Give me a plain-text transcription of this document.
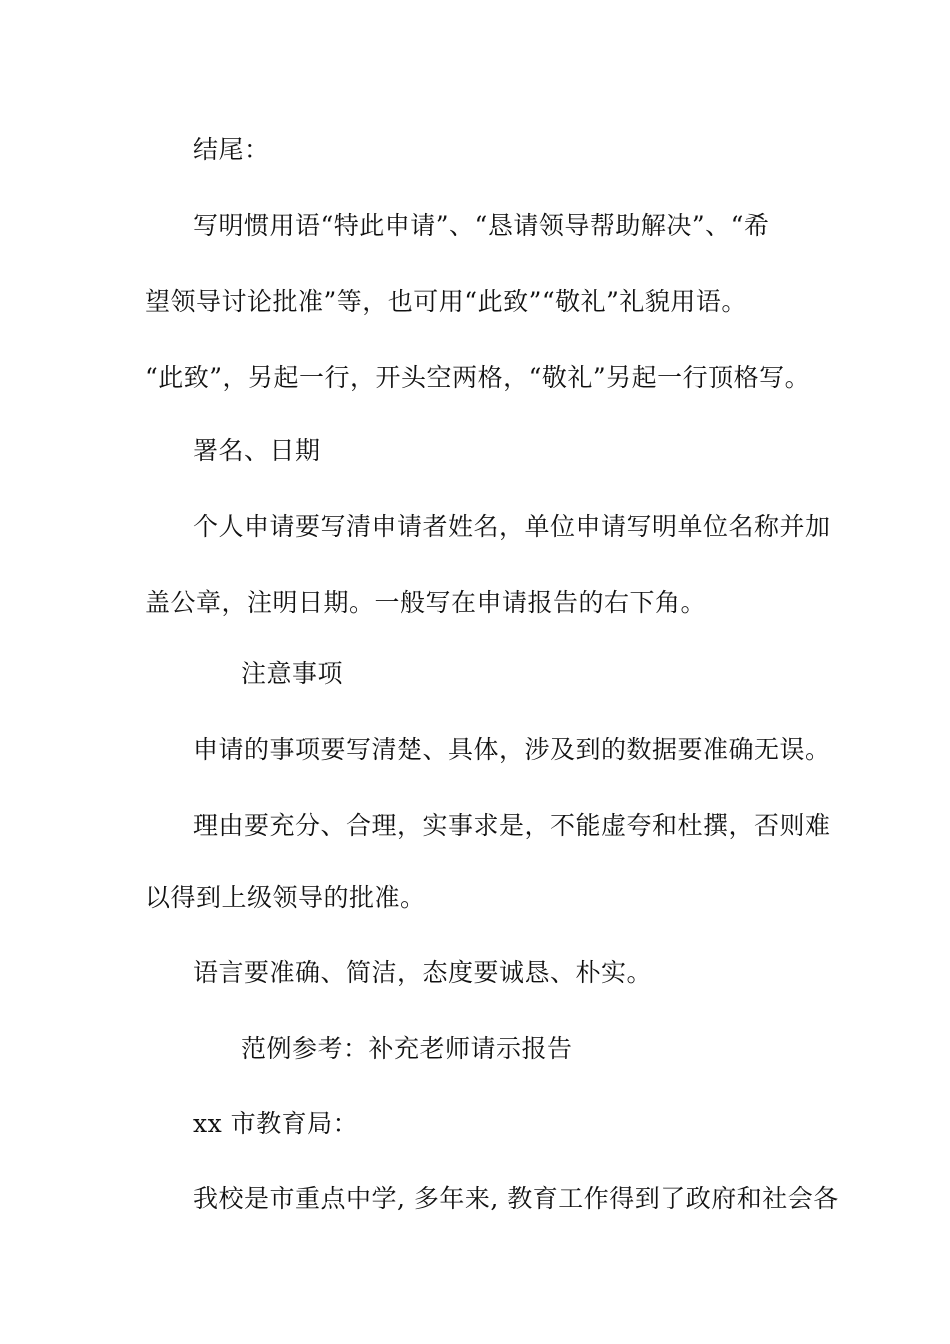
结尾：
写明惯用语“特此申请”、“恳请领导帮助解决”、“希
望领导讨论批准”等，也可用“此致”“敬礼”礼貌用语。
“此致”，另起一行，开头空两格，“敬礼”另起一行顶格写。
署名、日期
个人申请要写清申请者姓名，单位申请写明单位名称并加
盖公章，注明日期。一般写在申请报告的右下角。
注意事项
申请的事项要写清楚、具体，涉及到的数据要准确无误。
理由要充分、合理，实事求是，不能虚夸和杜撰，否则难
以得到上级领导的批准。
语言要准确、简洁，态度要诚恳、朴实。
范例参考：补充老师请示报告
xx 市教育局：
我校是市重点中学, 多年来, 教育工作得到了政府和社会各
